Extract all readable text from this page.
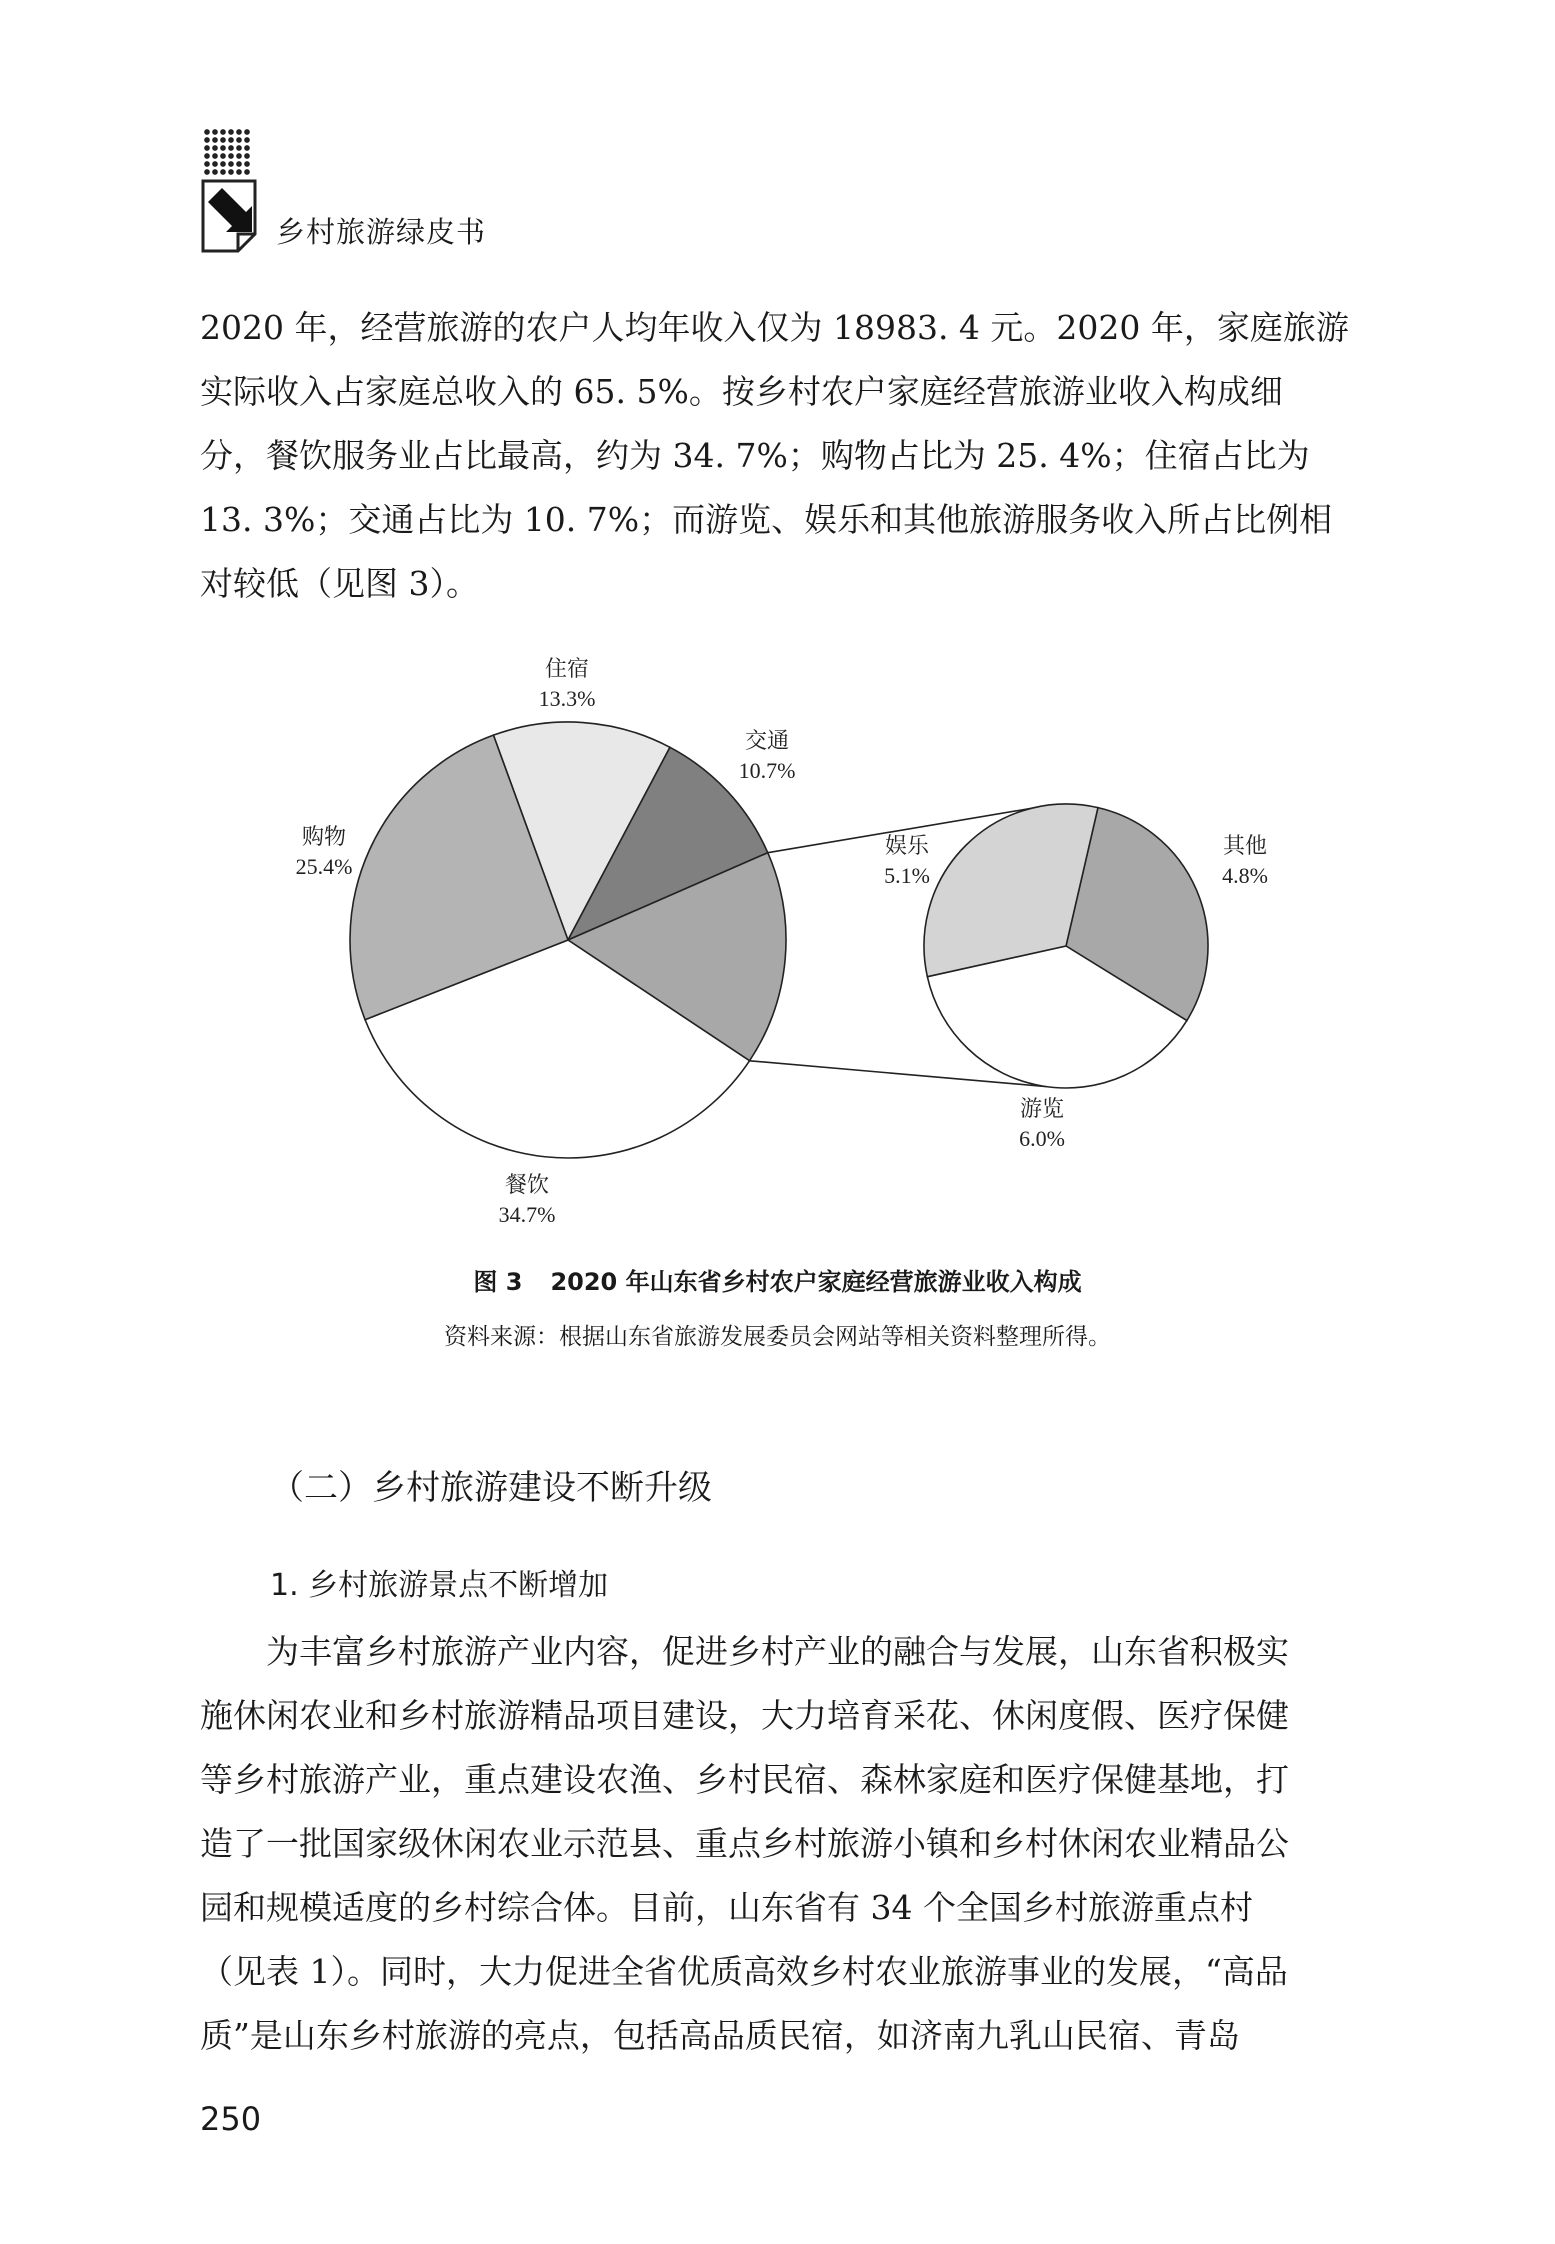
乡村旅游绿皮书
2020 年，经营旅游的农户人均年收入仅为 18983. 4 元。2020 年，家庭旅游
实际收入占家庭总收入的 65. 5%。按乡村农户家庭经营旅游业收入构成细
分，餐饮服务业占比最高，约为 34. 7%；购物占比为 25. 4%；住宿占比为
13. 3%；交通占比为 10. 7%；而游览、娱乐和其他旅游服务收入所占比例相
对较低（见图 3）。
住宿
13.3%
交通
10.7%
购物
25.4%
餐饮
34.7%
娱乐
5.1%
其他
4.8%
游览
6.0%
图 3 2020 年山东省乡村农户家庭经营旅游业收入构成
资料来源：根据山东省旅游发展委员会网站等相关资料整理所得。
（二）乡村旅游建设不断升级
1. 乡村旅游景点不断增加
　　为丰富乡村旅游产业内容，促进乡村产业的融合与发展，山东省积极实
施休闲农业和乡村旅游精品项目建设，大力培育采花、休闲度假、医疗保健
等乡村旅游产业，重点建设农渔、乡村民宿、森林家庭和医疗保健基地，打
造了一批国家级休闲农业示范县、重点乡村旅游小镇和乡村休闲农业精品公
园和规模适度的乡村综合体。目前，山东省有 34 个全国乡村旅游重点村
（见表 1）。同时，大力促进全省优质高效乡村农业旅游事业的发展，“高品
质”是山东乡村旅游的亮点，包括高品质民宿，如济南九乳山民宿、青岛
250
